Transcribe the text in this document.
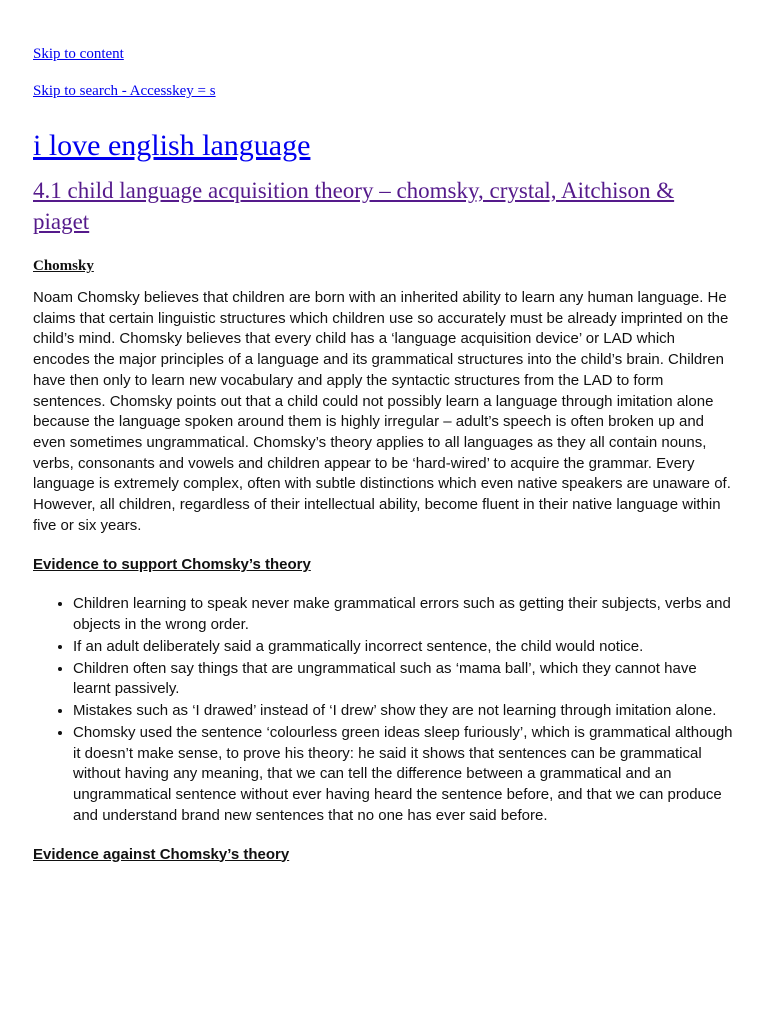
Skip to content
Skip to search - Accesskey = s
i love english language
4.1 child language acquisition theory – chomsky, crystal, Aitchison & piaget
Chomsky

Noam Chomsky believes that children are born with an inherited ability to learn any human language. He claims that certain linguistic structures which children use so accurately must be already imprinted on the child’s mind. Chomsky believes that every child has a ‘language acquisition device’ or LAD which encodes the major principles of a language and its grammatical structures into the child’s brain. Children have then only to learn new vocabulary and apply the syntactic structures from the LAD to form sentences. Chomsky points out that a child could not possibly learn a language through imitation alone because the language spoken around them is highly irregular – adult’s speech is often broken up and even sometimes ungrammatical. Chomsky’s theory applies to all languages as they all contain nouns, verbs, consonants and vowels and children appear to be ‘hard-wired’ to acquire the grammar. Every language is extremely complex, often with subtle distinctions which even native speakers are unaware of. However, all children, regardless of their intellectual ability, become fluent in their native language within five or six years.

Evidence to support Chomsky’s theory
• Children learning to speak never make grammatical errors such as getting their subjects, verbs and objects in the wrong order.
• If an adult deliberately said a grammatically incorrect sentence, the child would notice.
• Children often say things that are ungrammatical such as ‘mama ball’, which they cannot have learnt passively.
• Mistakes such as ‘I drawed’ instead of ‘I drew’ show they are not learning through imitation alone.
• Chomsky used the sentence ‘colourless green ideas sleep furiously’, which is grammatical although it doesn’t make sense, to prove his theory: he said it shows that sentences can be grammatical without having any meaning, that we can tell the difference between a grammatical and an ungrammatical sentence without ever having heard the sentence before, and that we can produce and understand brand new sentences that no one has ever said before.
Evidence against Chomsky’s theory
